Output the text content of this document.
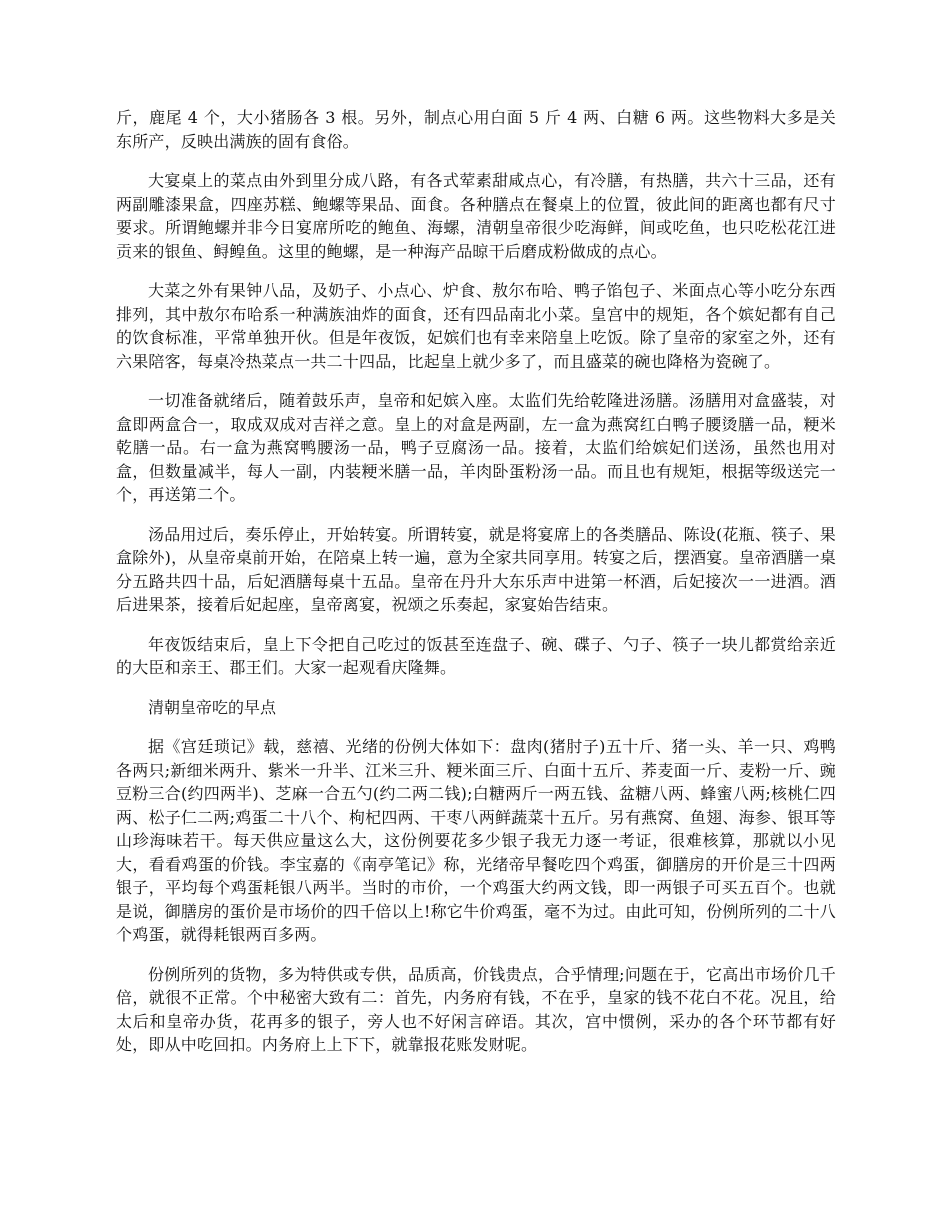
斤，鹿尾 4 个，大小猪肠各 3 根。另外，制点心用白面 5 斤 4 两、白糖 6 两。这些物料大多是关东所产，反映出满族的固有食俗。

大宴桌上的菜点由外到里分成八路，有各式荤素甜咸点心，有冷膳，有热膳，共六十三品，还有两副雕漆果盒，四座苏糕、鲍螺等果品、面食。各种膳点在餐桌上的位置，彼此间的距离也都有尺寸要求。所谓鲍螺并非今日宴席所吃的鲍鱼、海螺，清朝皇帝很少吃海鲜，间或吃鱼，也只吃松花江进贡来的银鱼、鲟鳇鱼。这里的鲍螺，是一种海产品晾干后磨成粉做成的点心。

大菜之外有果钟八品，及奶子、小点心、炉食、敖尔布哈、鸭子馅包子、米面点心等小吃分东西排列，其中敖尔布哈系一种满族油炸的面食，还有四品南北小菜。皇宫中的规矩，各个嫔妃都有自己的饮食标准，平常单独开伙。但是年夜饭，妃嫔们也有幸来陪皇上吃饭。除了皇帝的家室之外，还有六果陪客，每桌冷热菜点一共二十四品，比起皇上就少多了，而且盛菜的碗也降格为瓷碗了。

一切准备就绪后，随着鼓乐声，皇帝和妃嫔入座。太监们先给乾隆进汤膳。汤膳用对盒盛装，对盒即两盒合一，取成双成对吉祥之意。皇上的对盒是两副，左一盒为燕窝红白鸭子腰烫膳一品，粳米乾膳一品。右一盒为燕窝鸭腰汤一品，鸭子豆腐汤一品。接着，太监们给嫔妃们送汤，虽然也用对盒，但数量减半，每人一副，内装粳米膳一品，羊肉卧蛋粉汤一品。而且也有规矩，根据等级送完一个，再送第二个。

汤品用过后，奏乐停止，开始转宴。所谓转宴，就是将宴席上的各类膳品、陈设(花瓶、筷子、果盒除外)，从皇帝桌前开始，在陪桌上转一遍，意为全家共同享用。转宴之后，摆酒宴。皇帝酒膳一桌分五路共四十品，后妃酒膳每桌十五品。皇帝在丹升大东乐声中进第一杯酒，后妃接次一一进酒。酒后进果茶，接着后妃起座，皇帝离宴，祝颂之乐奏起，家宴始告结束。

年夜饭结束后，皇上下令把自己吃过的饭甚至连盘子、碗、碟子、勺子、筷子一块儿都赏给亲近的大臣和亲王、郡王们。大家一起观看庆隆舞。

清朝皇帝吃的早点

据《宫廷琐记》载，慈禧、光绪的份例大体如下：盘肉(猪肘子)五十斤、猪一头、羊一只、鸡鸭各两只;新细米两升、紫米一升半、江米三升、粳米面三斤、白面十五斤、荞麦面一斤、麦粉一斤、豌豆粉三合(约四两半)、芝麻一合五勺(约二两二钱);白糖两斤一两五钱、盆糖八两、蜂蜜八两;核桃仁四两、松子仁二两;鸡蛋二十八个、枸杞四两、干枣八两鲜蔬菜十五斤。另有燕窝、鱼翅、海参、银耳等山珍海味若干。每天供应量这么大，这份例要花多少银子我无力逐一考证，很难核算，那就以小见大，看看鸡蛋的价钱。李宝嘉的《南亭笔记》称，光绪帝早餐吃四个鸡蛋，御膳房的开价是三十四两银子，平均每个鸡蛋耗银八两半。当时的市价，一个鸡蛋大约两文钱，即一两银子可买五百个。也就是说，御膳房的蛋价是市场价的四千倍以上!称它牛价鸡蛋，毫不为过。由此可知，份例所列的二十八个鸡蛋，就得耗银两百多两。

份例所列的货物，多为特供或专供，品质高，价钱贵点，合乎情理;问题在于，它高出市场价几千倍，就很不正常。个中秘密大致有二：首先，内务府有钱，不在乎，皇家的钱不花白不花。况且，给太后和皇帝办货，花再多的银子，旁人也不好闲言碎语。其次，宫中惯例，采办的各个环节都有好处，即从中吃回扣。内务府上上下下，就靠报花账发财呢。
